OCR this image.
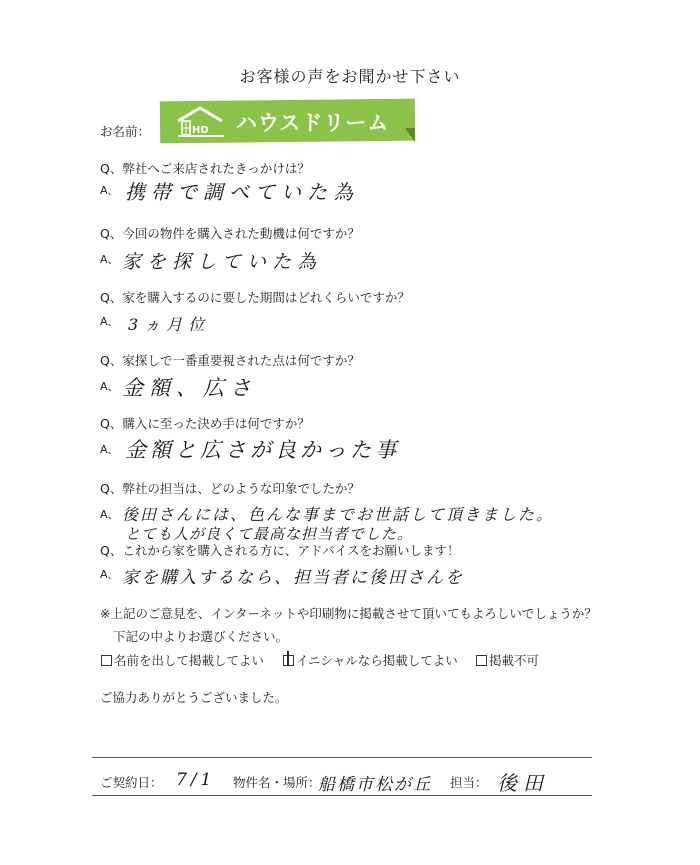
お客様の声をお聞かせ下さい
お名前：	HD ハウスドリーム
Q、弊社へご来店されたきっかけは？
A、 携帯で調べていた為
Q、今回の物件を購入された動機は何ですか？
A、 家を探していた為
Q、家を購入するのに要した期間はどれくらいですか？
A、 3ヵ月位
Q、家探しで一番重要視された点は何ですか？
A、 金額、広さ
Q、購入に至った決め手は何ですか？
A、 金額と広さが良かった事
Q、弊社の担当は、どのような印象でしたか？
A、 後田さんには、色んな事までお世話して頂きました。
とても人が良くて最高な担当者でした。
Q、これから家を購入される方に、アドバイスをお願いします！
A、 家を購入するなら、担当者に後田さんを
※上記のご意見を、インターネットや印刷物に掲載させて頂いてもよろしいでしょうか？
下記の中よりお選びください。
名前を出して掲載してよい	イニシャルなら掲載してよい	掲載不可
ご協力ありがとうございました。
ご契約日： 7/1 物件名・場所：
船橋市松が丘 担当： 後田
